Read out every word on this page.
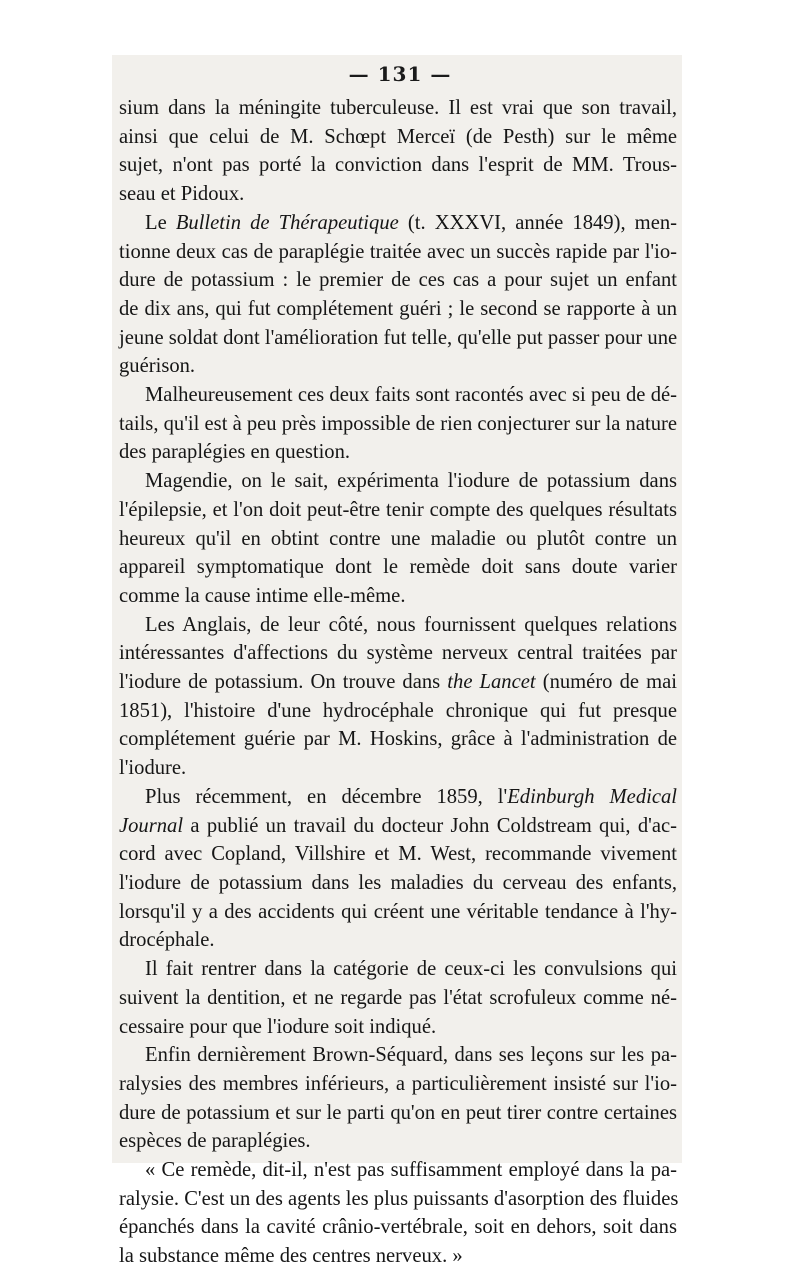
— 131 —
sium dans la méningite tuberculeuse. Il est vrai que son travail,
ainsi que celui de M. Schœpt Merceï (de Pesth) sur le même
sujet, n'ont pas porté la conviction dans l'esprit de MM. Trous-
seau et Pidoux.
Le Bulletin de Thérapeutique (t. XXXVI, année 1849), men-
tionne deux cas de paraplégie traitée avec un succès rapide par l'io-
dure de potassium : le premier de ces cas a pour sujet un enfant
de dix ans, qui fut complétement guéri ; le second se rapporte à un
jeune soldat dont l'amélioration fut telle, qu'elle put passer pour une
guérison.
Malheureusement ces deux faits sont racontés avec si peu de dé-
tails, qu'il est à peu près impossible de rien conjecturer sur la nature
des paraplégies en question.
Magendie, on le sait, expérimenta l'iodure de potassium dans
l'épilepsie, et l'on doit peut-être tenir compte des quelques résultats
heureux qu'il en obtint contre une maladie ou plutôt contre un
appareil symptomatique dont le remède doit sans doute varier
comme la cause intime elle-même.
Les Anglais, de leur côté, nous fournissent quelques relations
intéressantes d'affections du système nerveux central traitées par
l'iodure de potassium. On trouve dans the Lancet (numéro de mai
1851), l'histoire d'une hydrocéphale chronique qui fut presque
complétement guérie par M. Hoskins, grâce à l'administration de
l'iodure.
Plus récemment, en décembre 1859, l'Edinburgh Medical
Journal a publié un travail du docteur John Coldstream qui, d'ac-
cord avec Copland, Villshire et M. West, recommande vivement
l'iodure de potassium dans les maladies du cerveau des enfants,
lorsqu'il y a des accidents qui créent une véritable tendance à l'hy-
drocéphale.
Il fait rentrer dans la catégorie de ceux-ci les convulsions qui
suivent la dentition, et ne regarde pas l'état scrofuleux comme né-
cessaire pour que l'iodure soit indiqué.
Enfin dernièrement Brown-Séquard, dans ses leçons sur les pa-
ralysies des membres inférieurs, a particulièrement insisté sur l'io-
dure de potassium et sur le parti qu'on en peut tirer contre certaines
espèces de paraplégies.
« Ce remède, dit-il, n'est pas suffisamment employé dans la pa-
ralysie. C'est un des agents les plus puissants d'asorption des fluides
épanchés dans la cavité crânio-vertébrale, soit en dehors, soit dans
la substance même des centres nerveux. »
